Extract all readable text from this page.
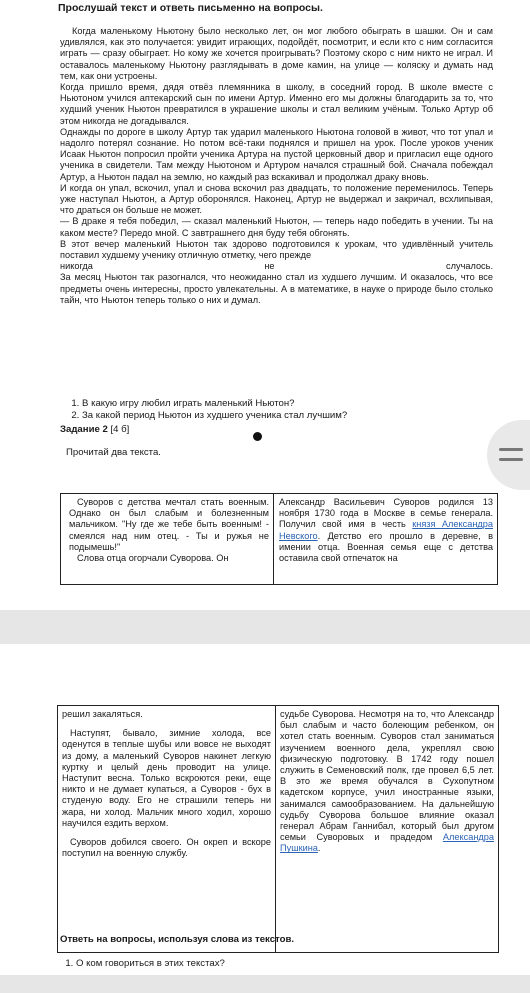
Прослушай текст и ответь письменно на вопросы.

Когда маленькому Ньютону было несколько лет, он мог любого обыграть в шашки. Он и сам удивлялся, как это получается: увидит играющих, подойдёт, посмотрит, и если кто с ним согласится играть — сразу обыграет. Но кому же хочется проигрывать? Поэтому скоро с ним никто не играл. И оставалось маленькому Ньютону разглядывать в доме камин, на улице — коляску и думать над тем, как они устроены.

Когда пришло время, дядя отвёз племянника в школу, в соседний город. В школе вместе с Ньютоном учился аптекарский сын по имени Артур. Именно его мы должны благодарить за то, что худший ученик Ньютон превратился в украшение школы и стал великим учёным. Только Артур об этом никогда не догадывался.

Однажды по дороге в школу Артур так ударил маленького Ньютона головой в живот, что тот упал и надолго потерял сознание. Но потом всё-таки поднялся и пришел на урок. После уроков ученик Исаак Ньютон попросил пройти ученика Артура на пустой церковный двор и пригласил еще одного ученика в свидетели. Там между Ньютоном и Артуром начался страшный бой. Сначала побеждал Артур, а Ньютон падал на землю, но каждый раз вскакивал и продолжал драку вновь.

И когда он упал, вскочил, упал и снова вскочил раз двадцать, то положение переменилось. Теперь уже наступал Ньютон, а Артур оборонялся. Наконец, Артур не выдержал и закричал, всхлипывая, что драться он больше не может.

— В драке я тебя победил, — сказал маленький Ньютон, — теперь надо победить в учении. Ты на каком месте? Передо мной. С завтрашнего дня буду тебя обгонять.

В этот вечер маленький Ньютон так здорово подготовился к урокам, что удивлённый учитель поставил худшему ученику отличную отметку, чего прежде

никогда не случалось.

За месяц Ньютон так разогнался, что неожиданно стал из худшего лучшим. И оказалось, что все предметы очень интересны, просто увлекательны. А в математике, в науке о природе было столько тайн, что Ньютон теперь только о них и думал.

1. В какую игру любил играть маленький Ньютон?
2. За какой период Ньютон из худшего ученика стал лучшим?
Задание 2 [4 б]
Прочитай два текста.

Суворов с детства мечтал стать военным. Однако он был слабым и болезненным мальчиком. "Ну где же тебе быть военным! - смеялся над ним отец. - Ты и ружья не подымешь!"

Слова отца огорчали Суворова. Он

Александр Васильевич Суворов родился 13 ноября 1730 года в Москве в семье генерала. Получил свой имя в честь князя Александра Невского. Детство его прошло в деревне, в имении отца. Военная семья еще с детства оставила свой отпечаток на

решил закаляться.

Наступят, бывало, зимние холода, все оденутся в теплые шубы или вовсе не выходят из дому, а маленький Суворов накинет легкую куртку и целый день проводит на улице. Наступит весна. Только вскроются реки, еще никто и не думает купаться, а Суворов - бух в студеную воду. Его не страшили теперь ни жара, ни холод. Мальчик много ходил, хорошо научился ездить верхом.

Суворов добился своего. Он окреп и вскоре поступил на военную службу.

судьбе Суворова. Несмотря на то, что Александр был слабым и часто болеющим ребенком, он хотел стать военным. Суворов стал заниматься изучением военного дела, укреплял свою физическую подготовку. В 1742 году пошел служить в Семеновский полк, где провел 6,5 лет. В это же время обучался в Сухопутном кадетском корпусе, учил иностранные языки, занимался самообразованием. На дальнейшую судьбу Суворова большое влияние оказал генерал Абрам Ганнибал, который был другом семьи Суворовых и прадедом Александра Пушкина.

Ответь на вопросы, используя слова из текстов.
1. О ком говориться в этих текстах?
